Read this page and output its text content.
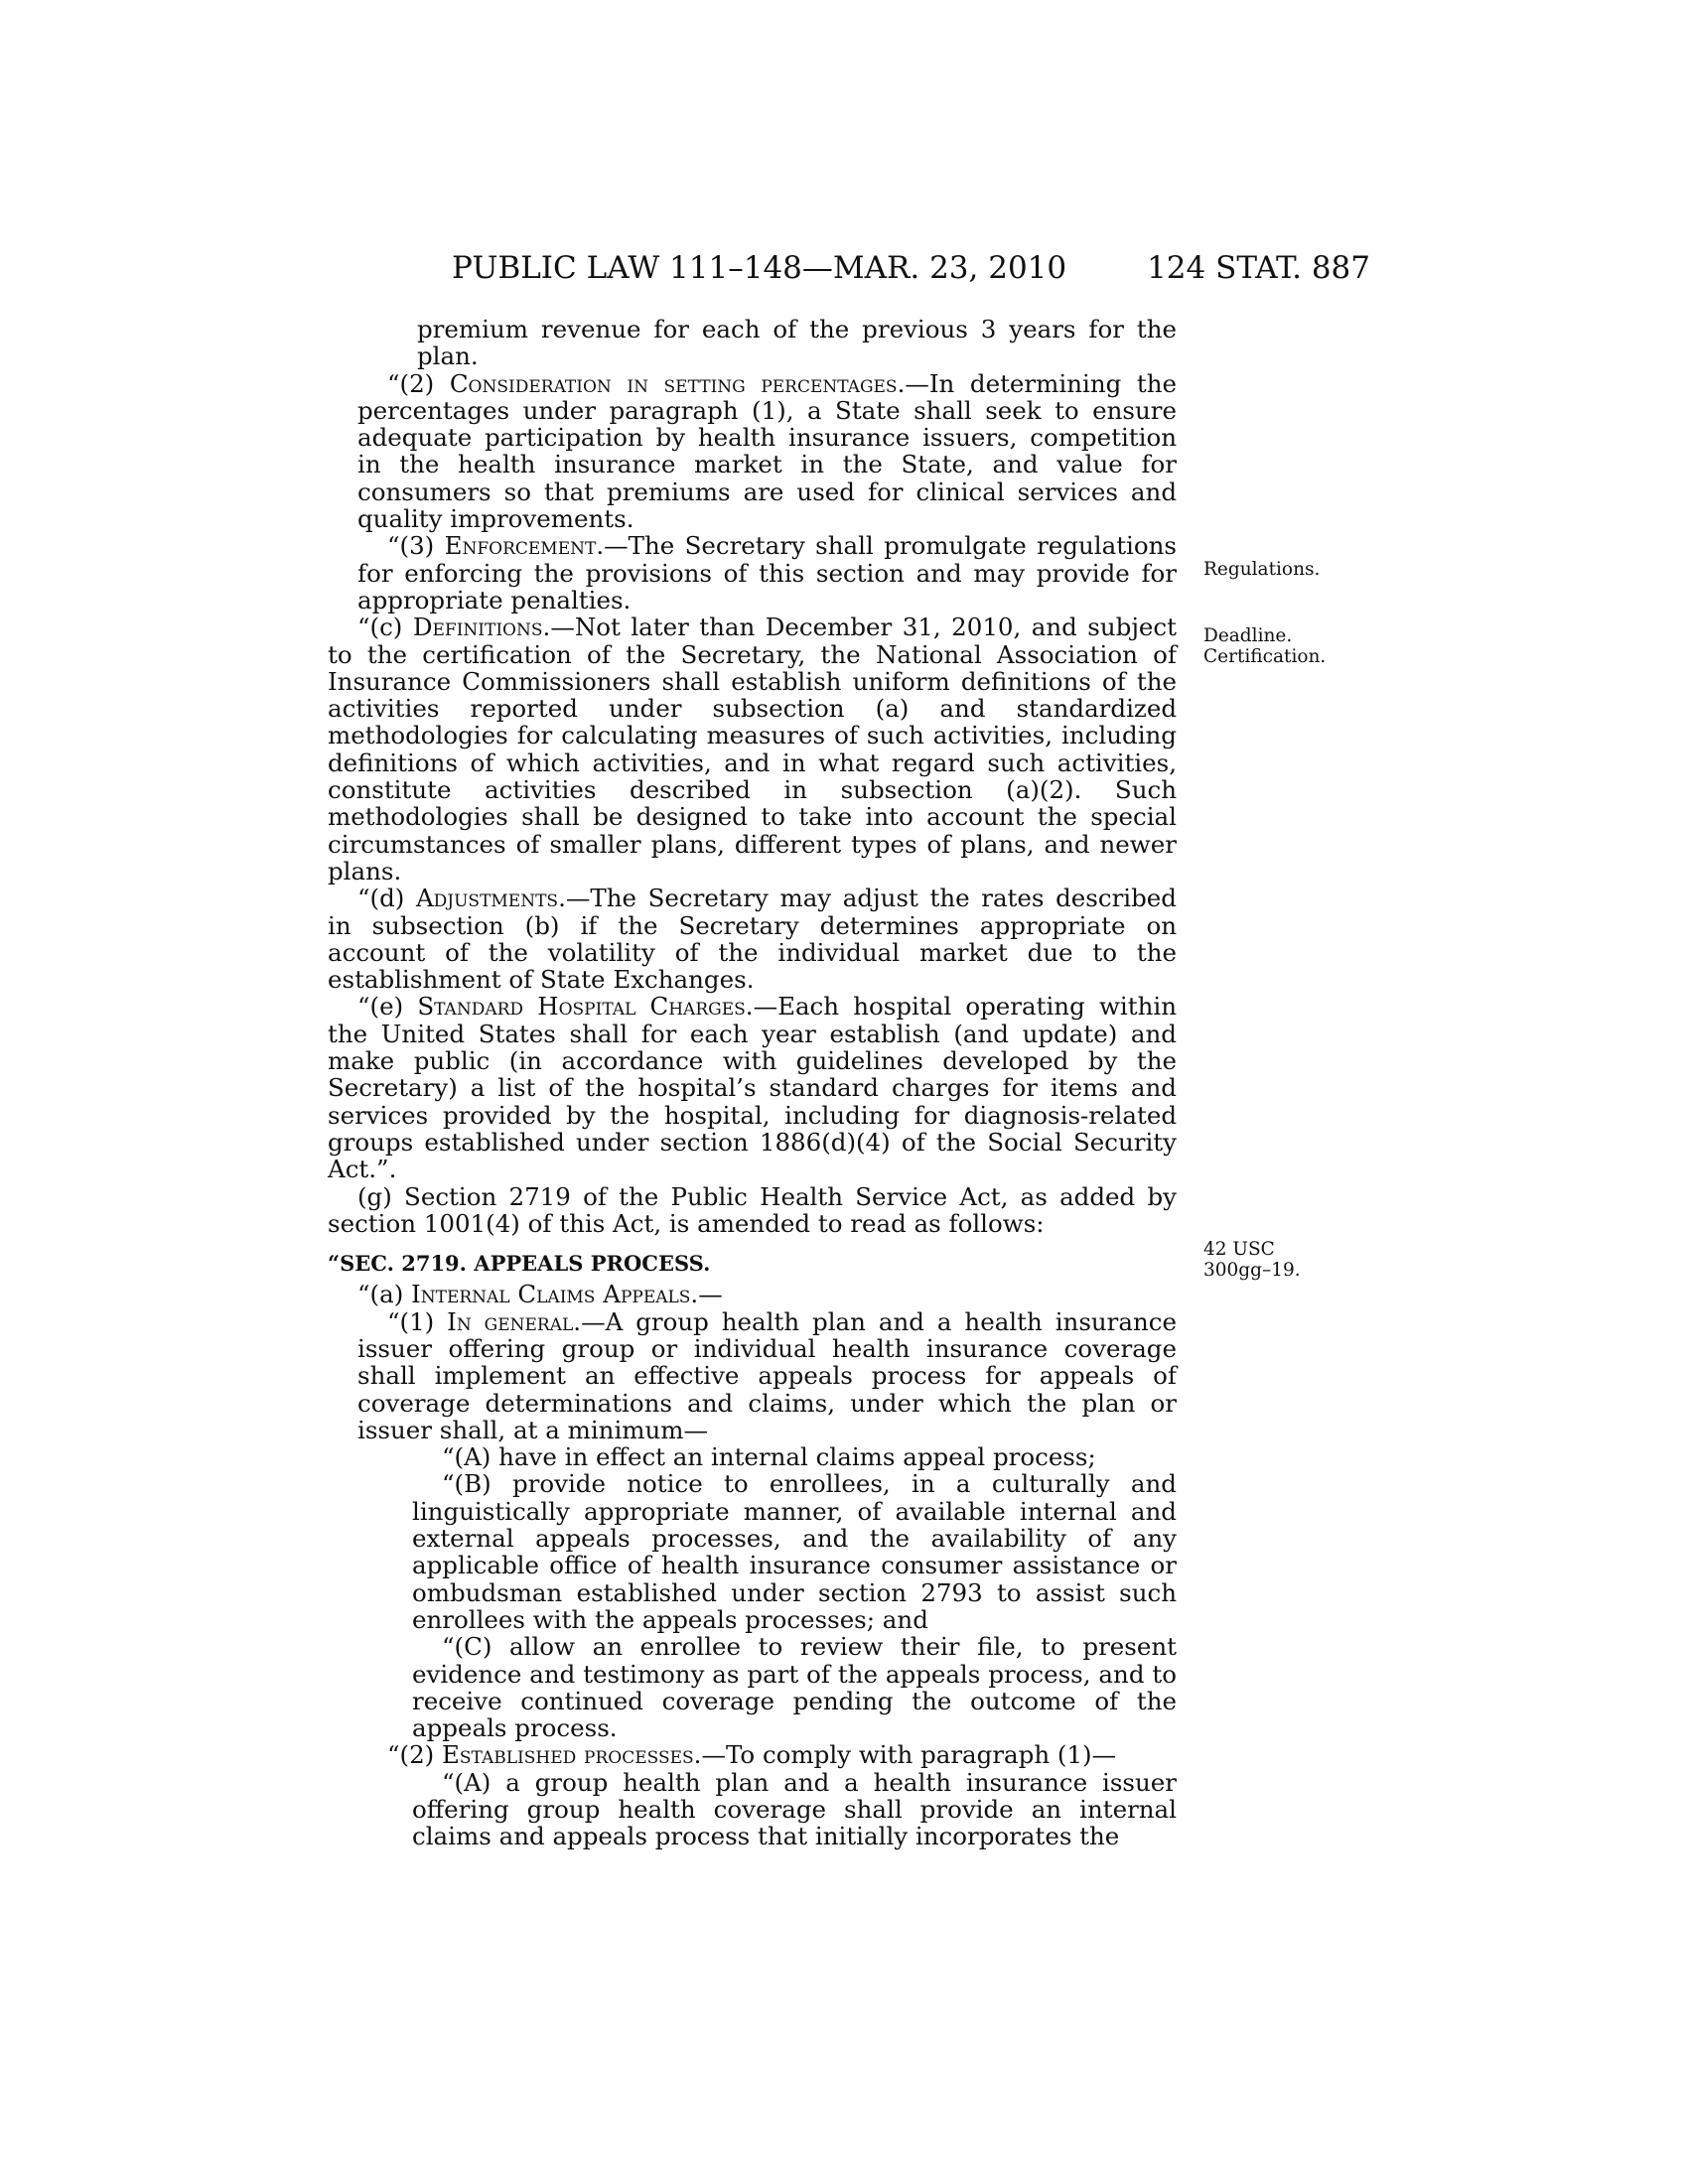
PUBLIC LAW 111–148—MAR. 23, 2010	124 STAT. 887
Regulations.
Deadline.
Certification.
42 USC
300gg–19.

premium revenue for each of the previous 3 years for the plan.

“(2) Consideration in setting percentages.—In determining the percentages under paragraph (1), a State shall seek to ensure adequate participation by health insurance issuers, competition in the health insurance market in the State, and value for consumers so that premiums are used for clinical services and quality improvements.

“(3) Enforcement.—The Secretary shall promulgate regulations for enforcing the provisions of this section and may provide for appropriate penalties.

“(c) Definitions.—Not later than December 31, 2010, and subject to the certification of the Secretary, the National Association of Insurance Commissioners shall establish uniform definitions of the activities reported under subsection (a) and standardized methodologies for calculating measures of such activities, including definitions of which activities, and in what regard such activities, constitute activities described in subsection (a)(2). Such methodologies shall be designed to take into account the special circumstances of smaller plans, different types of plans, and newer plans.

“(d) Adjustments.—The Secretary may adjust the rates described in subsection (b) if the Secretary determines appropriate on account of the volatility of the individual market due to the establishment of State Exchanges.

“(e) Standard Hospital Charges.—Each hospital operating within the United States shall for each year establish (and update) and make public (in accordance with guidelines developed by the Secretary) a list of the hospital’s standard charges for items and services provided by the hospital, including for diagnosis-related groups established under section 1886(d)(4) of the Social Security Act.”.

(g) Section 2719 of the Public Health Service Act, as added by section 1001(4) of this Act, is amended to read as follows:

“SEC. 2719. APPEALS PROCESS.

“(a) Internal Claims Appeals.—

“(1) In general.—A group health plan and a health insurance issuer offering group or individual health insurance coverage shall implement an effective appeals process for appeals of coverage determinations and claims, under which the plan or issuer shall, at a minimum—

“(A) have in effect an internal claims appeal process;

“(B) provide notice to enrollees, in a culturally and linguistically appropriate manner, of available internal and external appeals processes, and the availability of any applicable office of health insurance consumer assistance or ombudsman established under section 2793 to assist such enrollees with the appeals processes; and

“(C) allow an enrollee to review their file, to present evidence and testimony as part of the appeals process, and to receive continued coverage pending the outcome of the appeals process.

“(2) Established processes.—To comply with paragraph (1)—

“(A) a group health plan and a health insurance issuer offering group health coverage shall provide an internal claims and appeals process that initially incorporates the
